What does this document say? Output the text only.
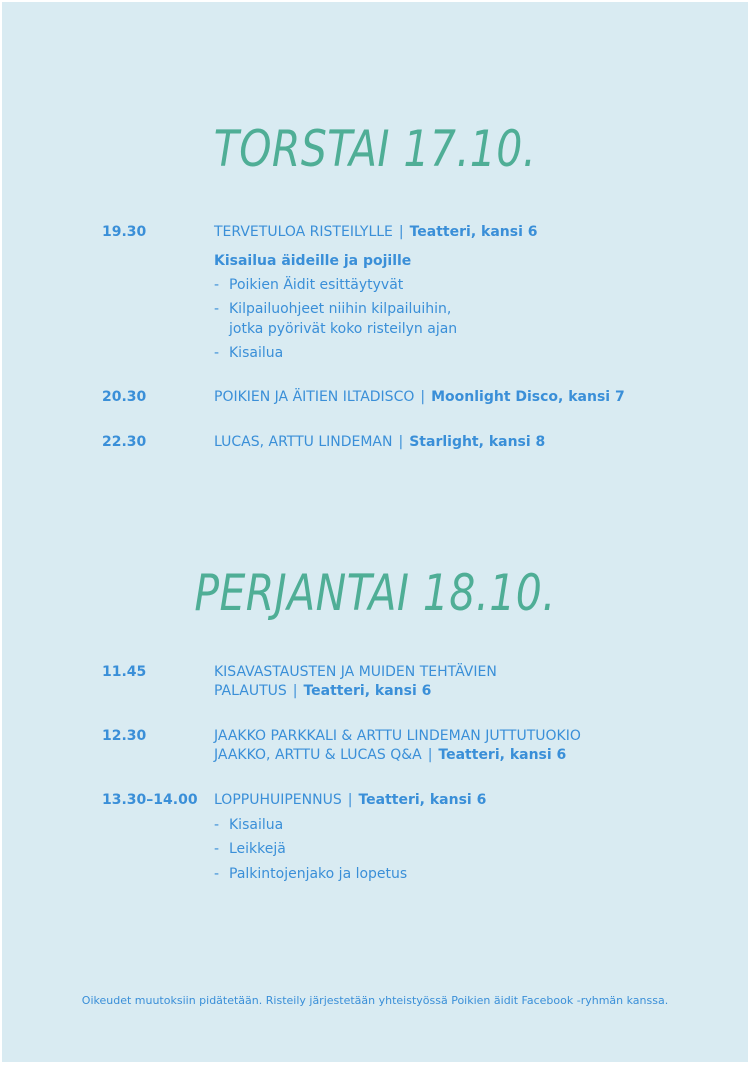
TORSTAI 17.10.
19.30	TERVETULOA RISTEILYLLE | Teatteri, kansi 6
Kisailua äideille ja pojille
- Poikien Äidit esittäytyvät
- Kilpailuohjeet niihin kilpailuihin,
jotka pyörivät koko risteilyn ajan
- Kisailua
20.30	POIKIEN JA ÄITIEN ILTADISCO | Moonlight Disco, kansi 7
22.30	LUCAS, ARTTU LINDEMAN | Starlight, kansi 8
PERJANTAI 18.10.
11.45	KISAVASTAUSTEN JA MUIDEN TEHTÄVIEN
PALAUTUS | Teatteri, kansi 6
12.30	JAAKKO PARKKALI & ARTTU LINDEMAN JUTTUTUOKIO
JAAKKO, ARTTU & LUCAS Q&A | Teatteri, kansi 6
13.30–14.00 LOPPUHUIPENNUS | Teatteri, kansi 6
- Kisailua
- Leikkejä
- Palkintojenjako ja lopetus
Oikeudet muutoksiin pidätetään. Risteily järjestetään yhteistyössä Poikien äidit Facebook -ryhmän kanssa.
